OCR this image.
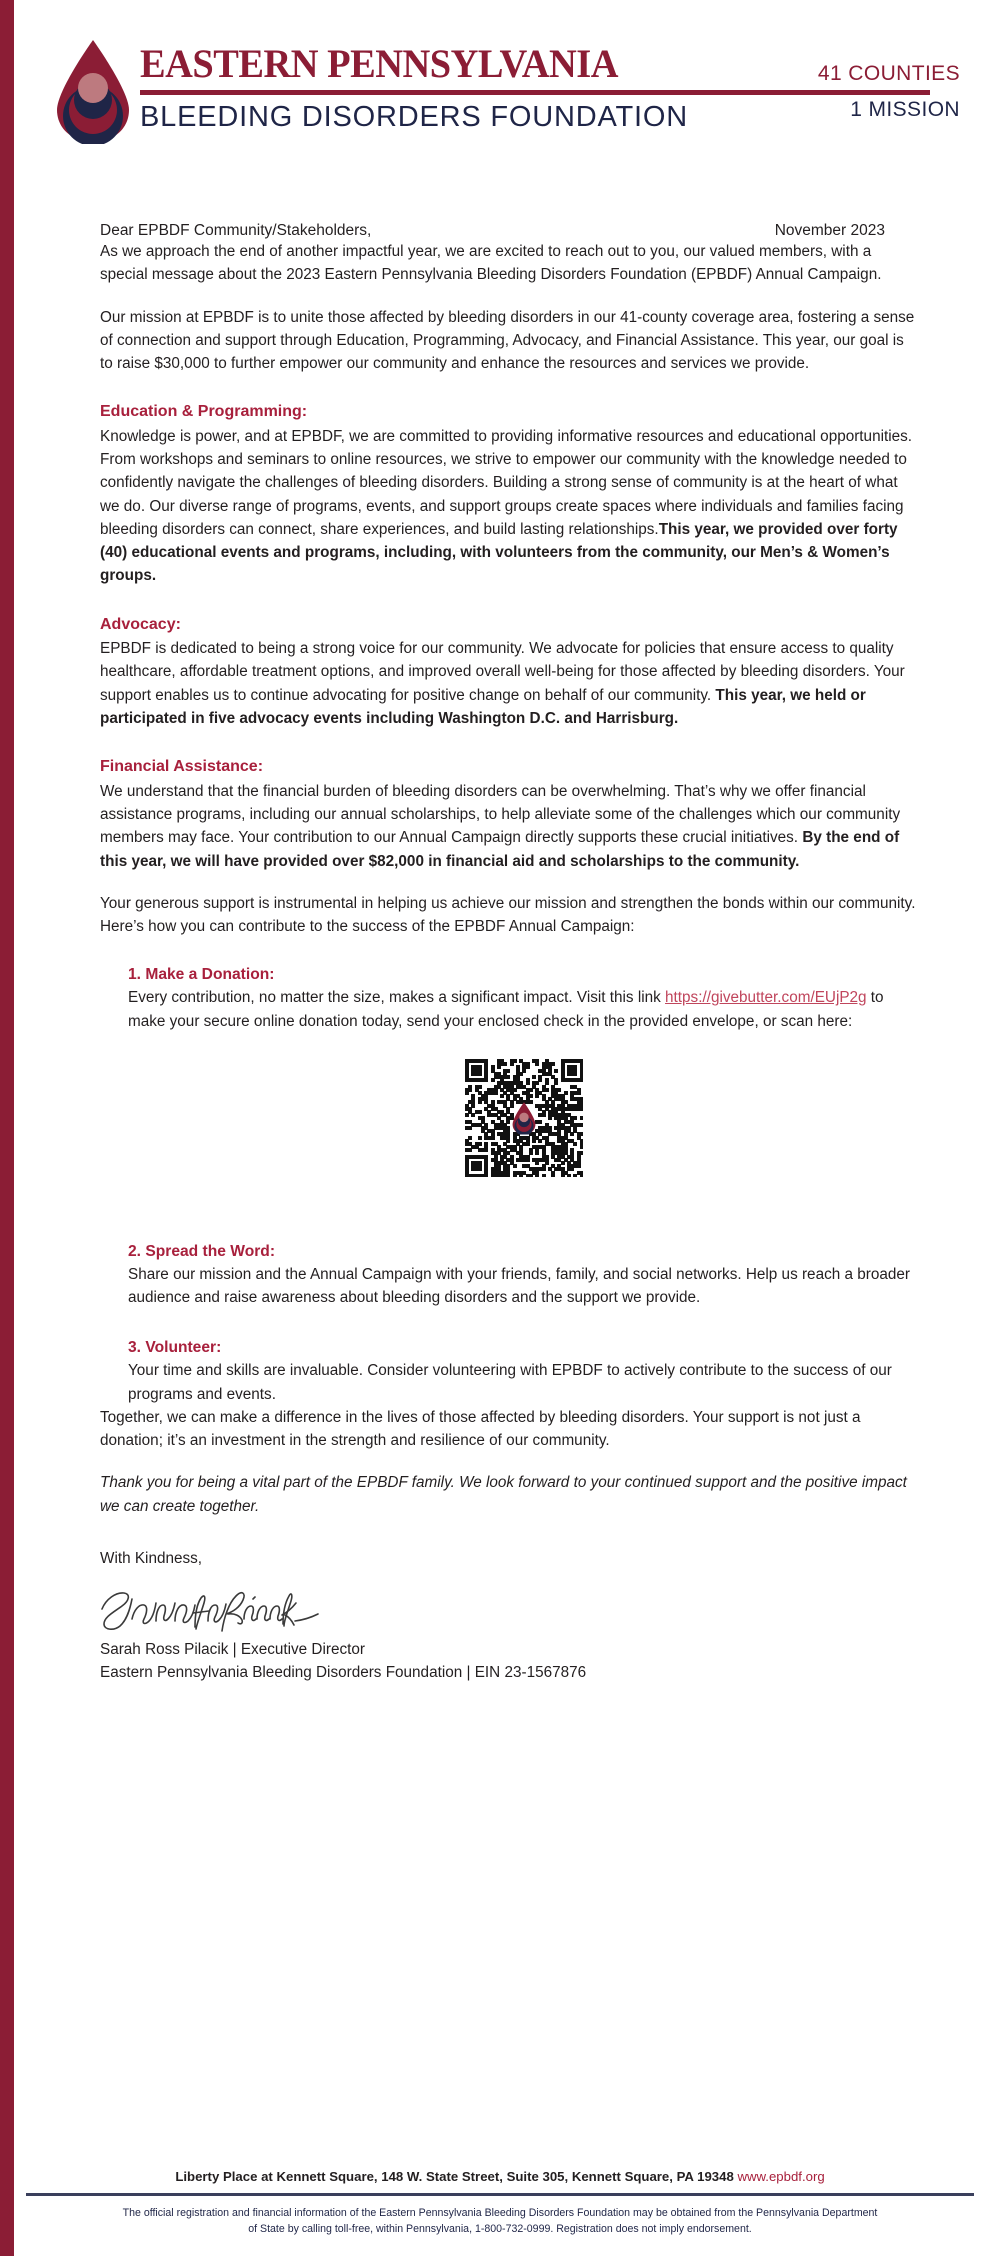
EASTERN PENNSYLVANIA
BLEEDING DISORDERS FOUNDATION
41 COUNTIES
1 MISSION
Dear EPBDF Community/Stakeholders,	November 2023

As we approach the end of another impactful year, we are excited to reach out to you, our valued members, with a special message about the 2023 Eastern Pennsylvania Bleeding Disorders Foundation (EPBDF) Annual Campaign.

Our mission at EPBDF is to unite those affected by bleeding disorders in our 41-county coverage area, fostering a sense of connection and support through Education, Programming, Advocacy, and Financial Assistance. This year, our goal is to raise $30,000 to further empower our community and enhance the resources and services we provide.

Education & Programming:

Knowledge is power, and at EPBDF, we are committed to providing informative resources and educational opportunities. From workshops and seminars to online resources, we strive to empower our community with the knowledge needed to confidently navigate the challenges of bleeding disorders. Building a strong sense of community is at the heart of what we do. Our diverse range of programs, events, and support groups create spaces where individuals and families facing bleeding disorders can connect, share experiences, and build lasting relationships.This year, we provided over forty (40) educational events and programs, including, with volunteers from the community, our Men’s & Women’s groups.

Advocacy:

EPBDF is dedicated to being a strong voice for our community. We advocate for policies that ensure access to quality healthcare, affordable treatment options, and improved overall well-being for those affected by bleeding disorders. Your support enables us to continue advocating for positive change on behalf of our community. This year, we held or participated in five advocacy events including Washington D.C. and Harrisburg.

Financial Assistance:

We understand that the financial burden of bleeding disorders can be overwhelming. That’s why we offer financial assistance programs, including our annual scholarships, to help alleviate some of the challenges which our community members may face. Your contribution to our Annual Campaign directly supports these crucial initiatives. By the end of this year, we will have provided over $82,000 in financial aid and scholarships to the community.

Your generous support is instrumental in helping us achieve our mission and strengthen the bonds within our community. Here’s how you can contribute to the success of the EPBDF Annual Campaign:

1. Make a Donation:

Every contribution, no matter the size, makes a significant impact. Visit this link https://givebutter.com/EUjP2g to make your secure online donation today, send your enclosed check in the provided envelope, or scan here:

2. Spread the Word:

Share our mission and the Annual Campaign with your friends, family, and social networks. Help us reach a broader audience and raise awareness about bleeding disorders and the support we provide.

3. Volunteer:

Your time and skills are invaluable. Consider volunteering with EPBDF to actively contribute to the success of our programs and events.

Together, we can make a difference in the lives of those affected by bleeding disorders. Your support is not just a donation; it’s an investment in the strength and resilience of our community.

Thank you for being a vital part of the EPBDF family. We look forward to your continued support and the positive impact we can create together.

With Kindness,
Sarah Ross Pilacik | Executive Director
Eastern Pennsylvania Bleeding Disorders Foundation | EIN 23-1567876
Liberty Place at Kennett Square, 148 W. State Street, Suite 305, Kennett Square, PA 19348 www.epbdf.org
The official registration and financial information of the Eastern Pennsylvania Bleeding Disorders Foundation may be obtained from the Pennsylvania Department of State by calling toll-free, within Pennsylvania, 1-800-732-0999. Registration does not imply endorsement.
